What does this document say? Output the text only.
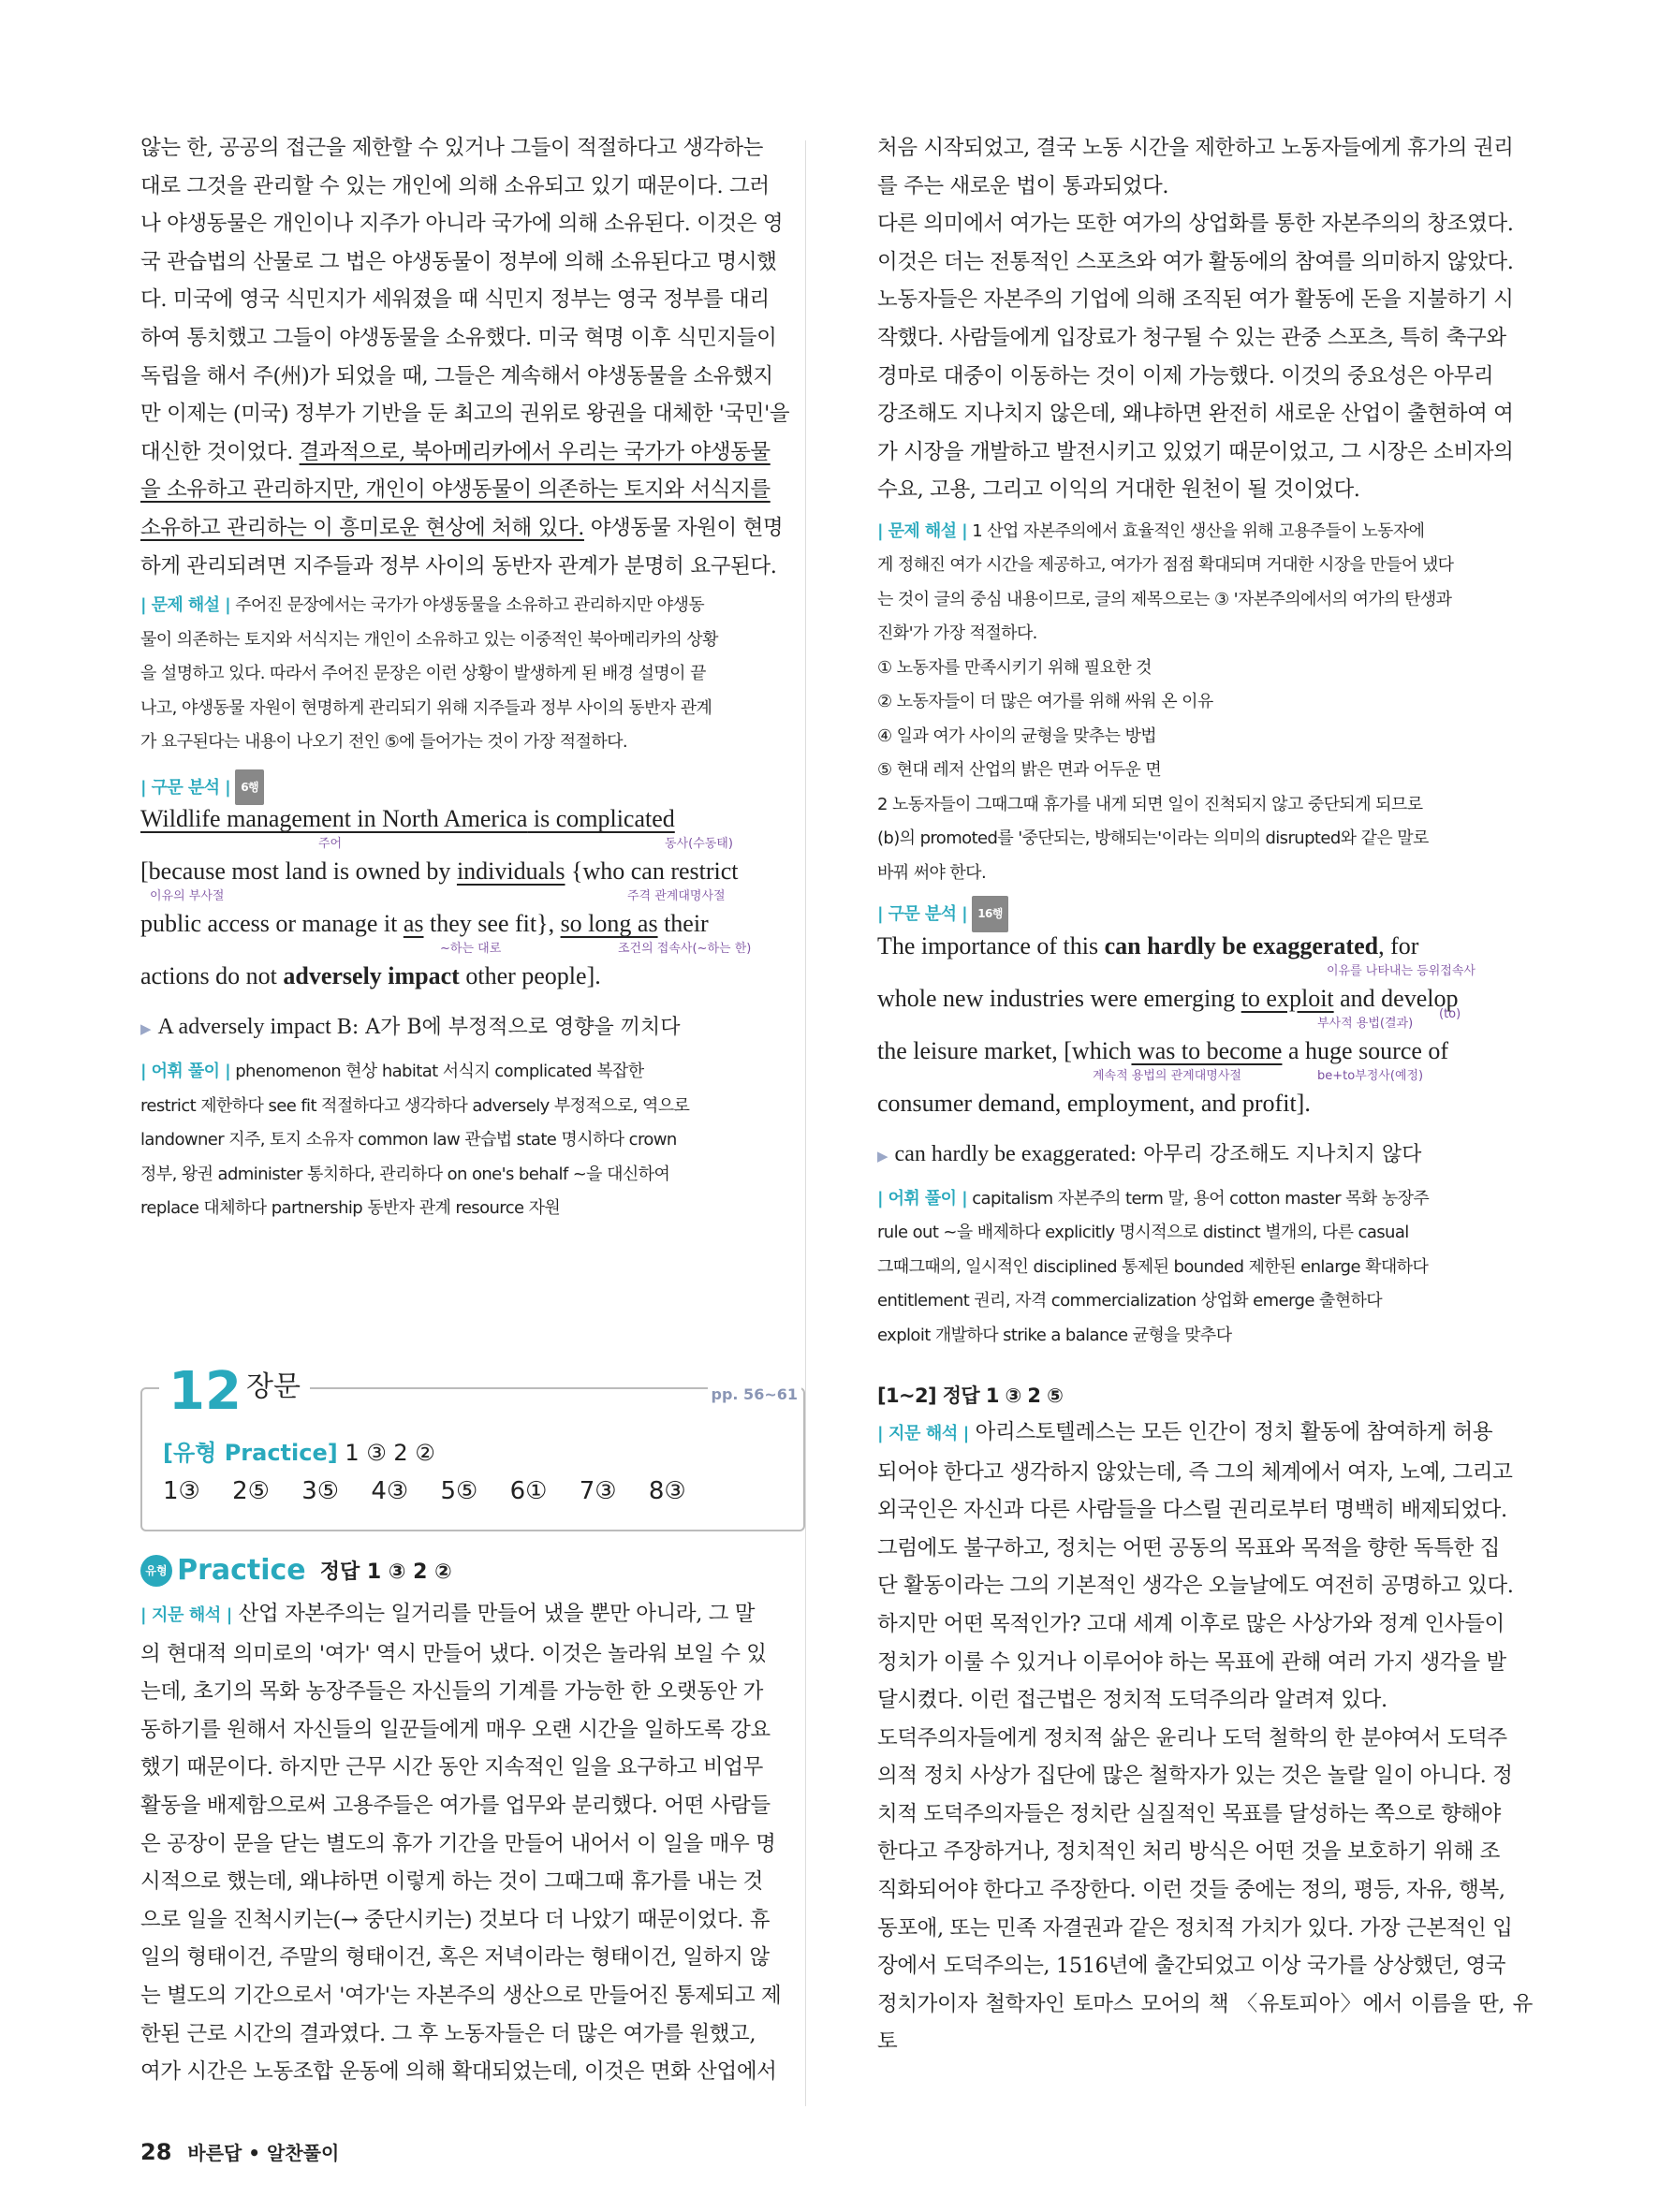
않는 한, 공공의 접근을 제한할 수 있거나 그들이 적절하다고 생각하는

대로 그것을 관리할 수 있는 개인에 의해 소유되고 있기 때문이다. 그러

나 야생동물은 개인이나 지주가 아니라 국가에 의해 소유된다. 이것은 영

국 관습법의 산물로 그 법은 야생동물이 정부에 의해 소유된다고 명시했

다. 미국에 영국 식민지가 세워졌을 때 식민지 정부는 영국 정부를 대리

하여 통치했고 그들이 야생동물을 소유했다. 미국 혁명 이후 식민지들이

독립을 해서 주(州)가 되었을 때, 그들은 계속해서 야생동물을 소유했지

만 이제는 (미국) 정부가 기반을 둔 최고의 권위로 왕권을 대체한 '국민'을

대신한 것이었다. 결과적으로, 북아메리카에서 우리는 국가가 야생동물

을 소유하고 관리하지만, 개인이 야생동물이 의존하는 토지와 서식지를

소유하고 관리하는 이 흥미로운 현상에 처해 있다. 야생동물 자원이 현명

하게 관리되려면 지주들과 정부 사이의 동반자 관계가 분명히 요구된다.

| 문제 해설 | 주어진 문장에서는 국가가 야생동물을 소유하고 관리하지만 야생동

물이 의존하는 토지와 서식지는 개인이 소유하고 있는 이중적인 북아메리카의 상황

을 설명하고 있다. 따라서 주어진 문장은 이런 상황이 발생하게 된 배경 설명이 끝

나고, 야생동물 자원이 현명하게 관리되기 위해 지주들과 정부 사이의 동반자 관계

가 요구된다는 내용이 나오기 전인 ⑤에 들어가는 것이 가장 적절하다.

| 구문 분석 | 6행

Wildlife management in North America is complicated

주어	동사(수동태)

[because most land is owned by individuals {who can restrict

이유의 부사절	주격 관계대명사절

public access or manage it as they see fit}, so long as their

~하는 대로	조건의 접속사(~하는 한)

actions do not adversely impact other people].

▶ A adversely impact B: A가 B에 부정적으로 영향을 끼치다

| 어휘 풀이 | phenomenon 현상 habitat 서식지 complicated 복잡한

restrict 제한하다 see fit 적절하다고 생각하다 adversely 부정적으로, 역으로

landowner 지주, 토지 소유자 common law 관습법 state 명시하다 crown

정부, 왕권 administer 통치하다, 관리하다 on one's behalf ~을 대신하여

replace 대체하다 partnership 동반자 관계 resource 자원

12 장문	pp. 56~61
[유형 Practice] 1 ③ 2 ②
1③ 2⑤ 3⑤ 4③ 5⑤ 6① 7③ 8③
유형 Practice 정답 1 ③ 2 ②

| 지문 해석 | 산업 자본주의는 일거리를 만들어 냈을 뿐만 아니라, 그 말

의 현대적 의미로의 '여가' 역시 만들어 냈다. 이것은 놀라워 보일 수 있

는데, 초기의 목화 농장주들은 자신들의 기계를 가능한 한 오랫동안 가

동하기를 원해서 자신들의 일꾼들에게 매우 오랜 시간을 일하도록 강요

했기 때문이다. 하지만 근무 시간 동안 지속적인 일을 요구하고 비업무

활동을 배제함으로써 고용주들은 여가를 업무와 분리했다. 어떤 사람들

은 공장이 문을 닫는 별도의 휴가 기간을 만들어 내어서 이 일을 매우 명

시적으로 했는데, 왜냐하면 이렇게 하는 것이 그때그때 휴가를 내는 것

으로 일을 진척시키는(→ 중단시키는) 것보다 더 나았기 때문이었다. 휴

일의 형태이건, 주말의 형태이건, 혹은 저녁이라는 형태이건, 일하지 않

는 별도의 기간으로서 '여가'는 자본주의 생산으로 만들어진 통제되고 제

한된 근로 시간의 결과였다. 그 후 노동자들은 더 많은 여가를 원했고,

여가 시간은 노동조합 운동에 의해 확대되었는데, 이것은 면화 산업에서

처음 시작되었고, 결국 노동 시간을 제한하고 노동자들에게 휴가의 권리

를 주는 새로운 법이 통과되었다.

다른 의미에서 여가는 또한 여가의 상업화를 통한 자본주의의 창조였다.

이것은 더는 전통적인 스포츠와 여가 활동에의 참여를 의미하지 않았다.

노동자들은 자본주의 기업에 의해 조직된 여가 활동에 돈을 지불하기 시

작했다. 사람들에게 입장료가 청구될 수 있는 관중 스포츠, 특히 축구와

경마로 대중이 이동하는 것이 이제 가능했다. 이것의 중요성은 아무리

강조해도 지나치지 않은데, 왜냐하면 완전히 새로운 산업이 출현하여 여

가 시장을 개발하고 발전시키고 있었기 때문이었고, 그 시장은 소비자의

수요, 고용, 그리고 이익의 거대한 원천이 될 것이었다.

| 문제 해설 | 1 산업 자본주의에서 효율적인 생산을 위해 고용주들이 노동자에

게 정해진 여가 시간을 제공하고, 여가가 점점 확대되며 거대한 시장을 만들어 냈다

는 것이 글의 중심 내용이므로, 글의 제목으로는 ③ '자본주의에서의 여가의 탄생과

진화'가 가장 적절하다.

① 노동자를 만족시키기 위해 필요한 것

② 노동자들이 더 많은 여가를 위해 싸워 온 이유

④ 일과 여가 사이의 균형을 맞추는 방법

⑤ 현대 레저 산업의 밝은 면과 어두운 면

2 노동자들이 그때그때 휴가를 내게 되면 일이 진척되지 않고 중단되게 되므로

(b)의 promoted를 '중단되는, 방해되는'이라는 의미의 disrupted와 같은 말로

바꿔 써야 한다.

| 구문 분석 | 16행

The importance of this can hardly be exaggerated, for

이유를 나타내는 등위접속사

whole new industries were emerging to exploit and develop

부사적 용법(결과)
(to)

the leisure market, [which was to become a huge source of

계속적 용법의 관계대명사절	be+to부정사(예정)

consumer demand, employment, and profit].

▶ can hardly be exaggerated: 아무리 강조해도 지나치지 않다

| 어휘 풀이 | capitalism 자본주의 term 말, 용어 cotton master 목화 농장주

rule out ~을 배제하다 explicitly 명시적으로 distinct 별개의, 다른 casual

그때그때의, 일시적인 disciplined 통제된 bounded 제한된 enlarge 확대하다

entitlement 권리, 자격 commercialization 상업화 emerge 출현하다

exploit 개발하다 strike a balance 균형을 맞추다

[1~2] 정답 1 ③ 2 ⑤

| 지문 해석 | 아리스토텔레스는 모든 인간이 정치 활동에 참여하게 허용

되어야 한다고 생각하지 않았는데, 즉 그의 체계에서 여자, 노예, 그리고

외국인은 자신과 다른 사람들을 다스릴 권리로부터 명백히 배제되었다.

그럼에도 불구하고, 정치는 어떤 공동의 목표와 목적을 향한 독특한 집

단 활동이라는 그의 기본적인 생각은 오늘날에도 여전히 공명하고 있다.

하지만 어떤 목적인가? 고대 세계 이후로 많은 사상가와 정계 인사들이

정치가 이룰 수 있거나 이루어야 하는 목표에 관해 여러 가지 생각을 발

달시켰다. 이런 접근법은 정치적 도덕주의라 알려져 있다.

도덕주의자들에게 정치적 삶은 윤리나 도덕 철학의 한 분야여서 도덕주

의적 정치 사상가 집단에 많은 철학자가 있는 것은 놀랄 일이 아니다. 정

치적 도덕주의자들은 정치란 실질적인 목표를 달성하는 쪽으로 향해야

한다고 주장하거나, 정치적인 처리 방식은 어떤 것을 보호하기 위해 조

직화되어야 한다고 주장한다. 이런 것들 중에는 정의, 평등, 자유, 행복,

동포애, 또는 민족 자결권과 같은 정치적 가치가 있다. 가장 근본적인 입

장에서 도덕주의는, 1516년에 출간되었고 이상 국가를 상상했던, 영국

정치가이자 철학자인 토마스 모어의 책 〈유토피아〉에서 이름을 딴, 유토

28 바른답 • 알찬풀이
